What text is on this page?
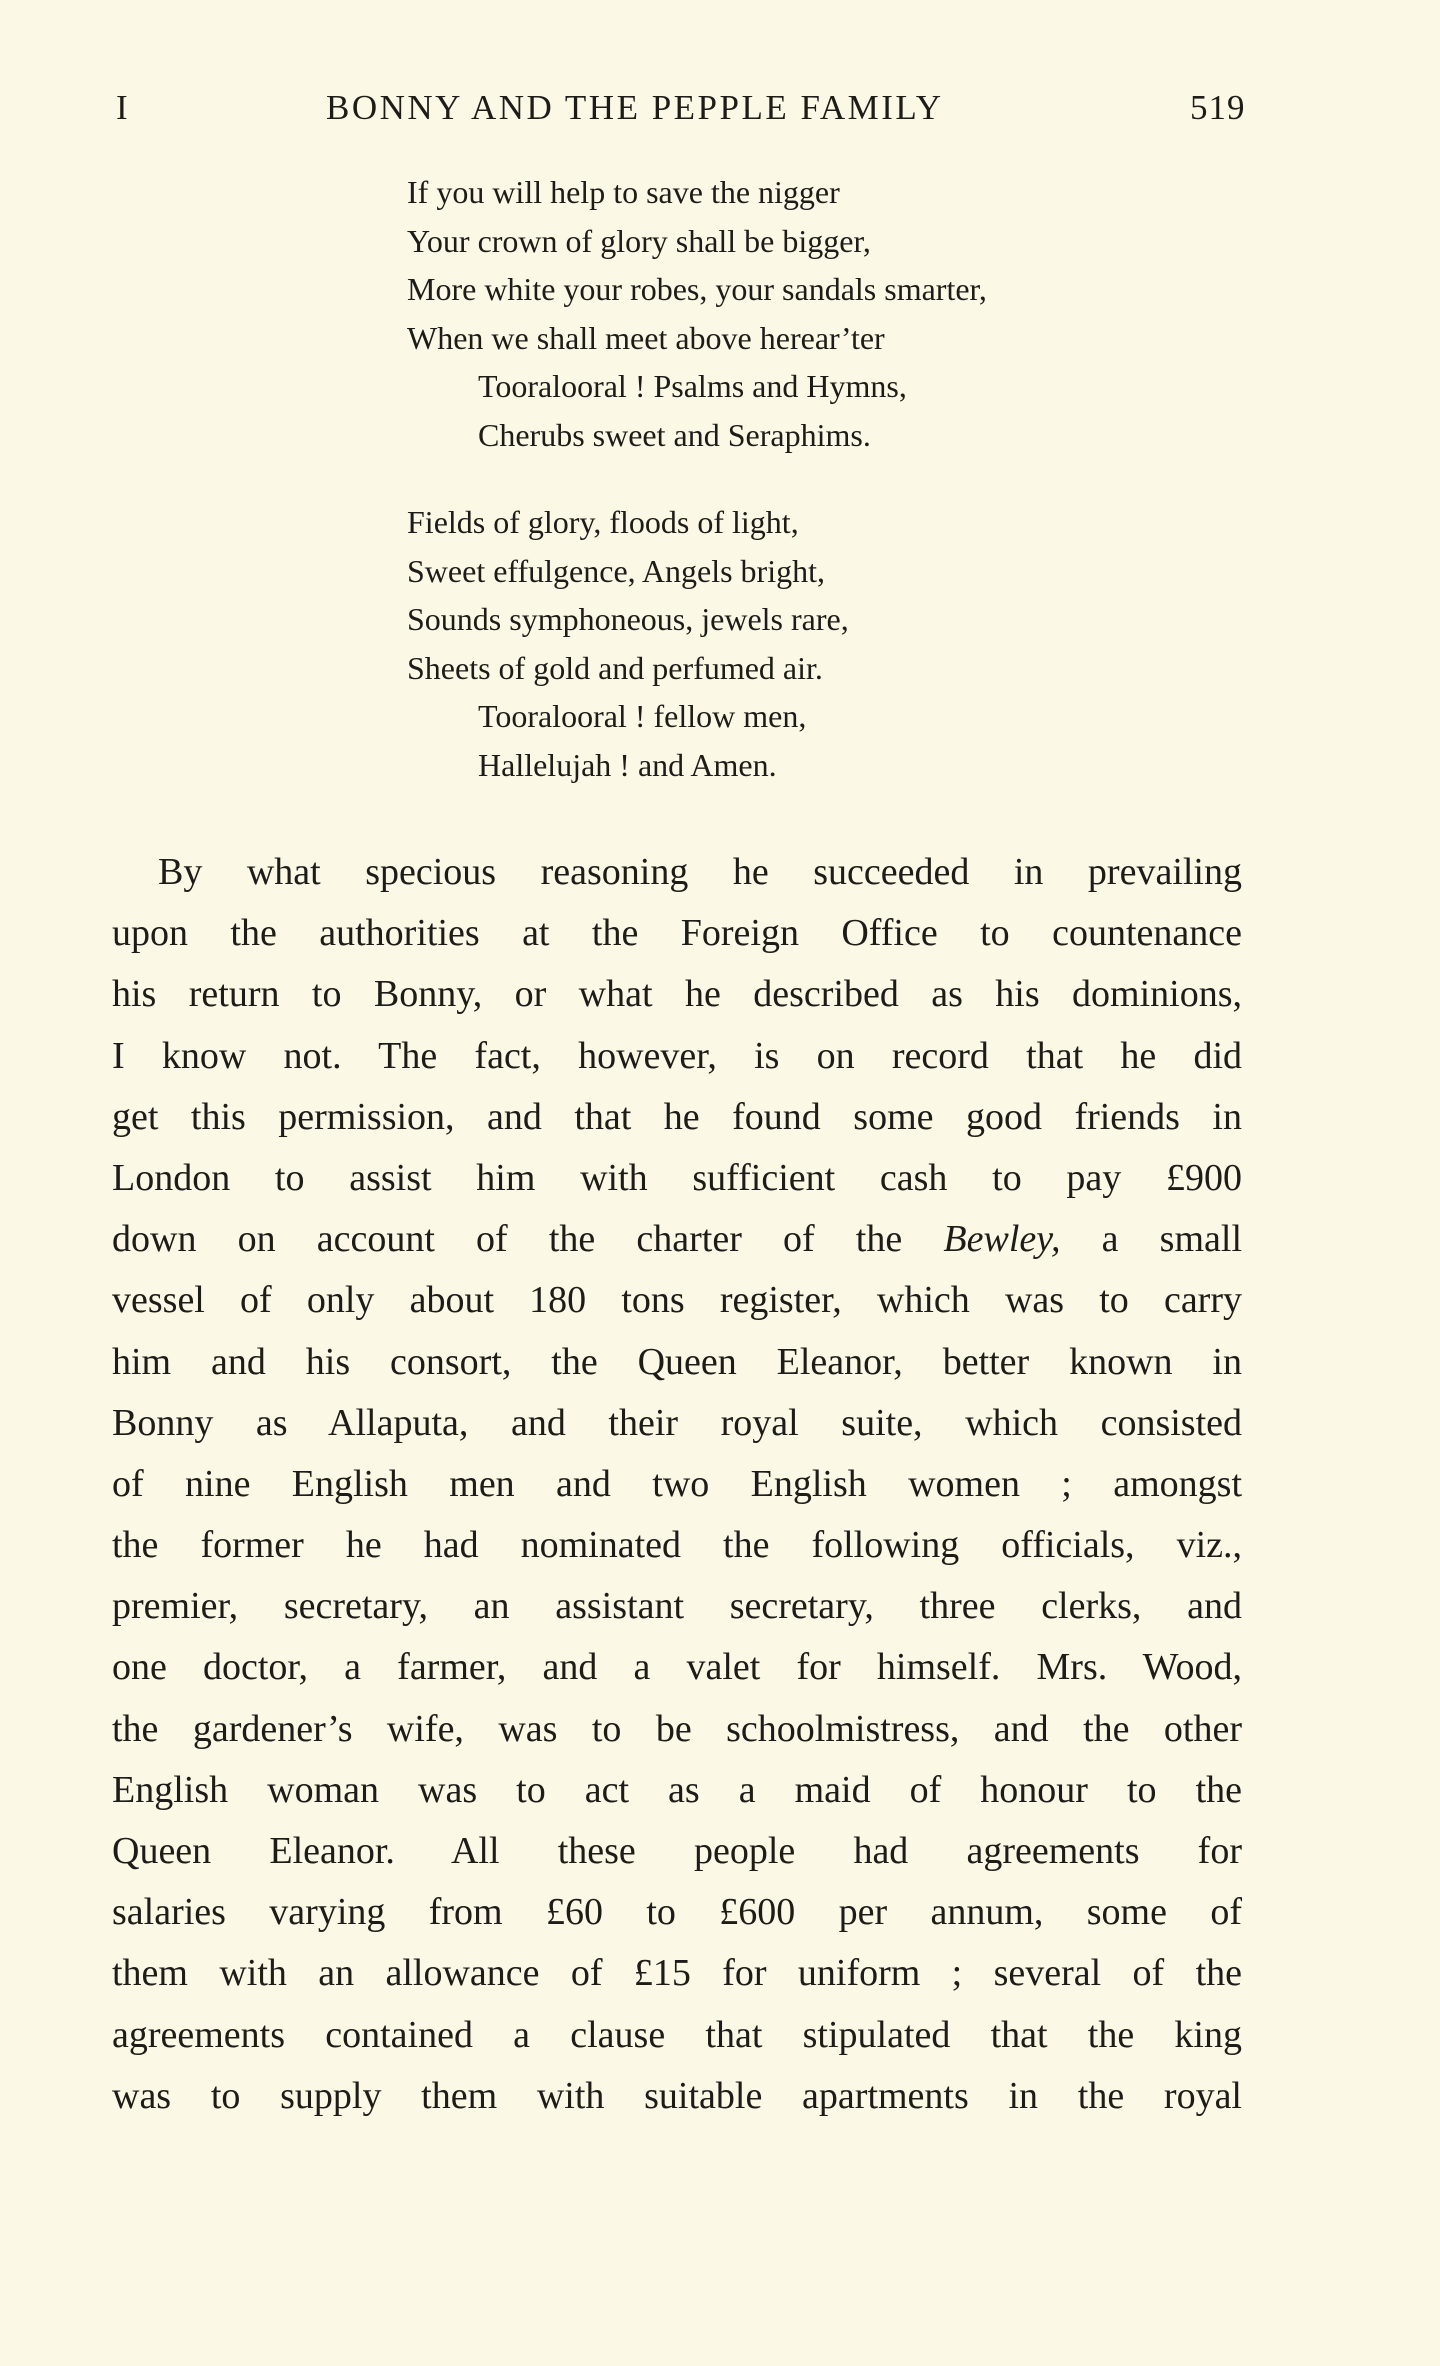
I	BONNY AND THE PEPPLE FAMILY	519
If you will help to save the nigger
Your crown of glory shall be bigger,
More white your robes, your sandals smarter,
When we shall meet above herear’ter
Tooralooral ! Psalms and Hymns,
Cherubs sweet and Seraphims.
Fields of glory, floods of light,
Sweet effulgence, Angels bright,
Sounds symphoneous, jewels rare,
Sheets of gold and perfumed air.
Tooralooral ! fellow men,
Hallelujah ! and Amen.
By what specious reasoning he succeeded in prevailing
upon the authorities at the Foreign Office to countenance
his return to Bonny, or what he described as his dominions,
I know not. The fact, however, is on record that he did
get this permission, and that he found some good friends in
London to assist him with sufficient cash to pay £900
down on account of the charter of the Bewley, a small
vessel of only about 180 tons register, which was to carry
him and his consort, the Queen Eleanor, better known in
Bonny as Allaputa, and their royal suite, which consisted
of nine English men and two English women ; amongst
the former he had nominated the following officials, viz.,
premier, secretary, an assistant secretary, three clerks, and
one doctor, a farmer, and a valet for himself. Mrs. Wood,
the gardener’s wife, was to be schoolmistress, and the other
English woman was to act as a maid of honour to the
Queen Eleanor. All these people had agreements for
salaries varying from £60 to £600 per annum, some of
them with an allowance of £15 for uniform ; several of the
agreements contained a clause that stipulated that the king
was to supply them with suitable apartments in the royal
